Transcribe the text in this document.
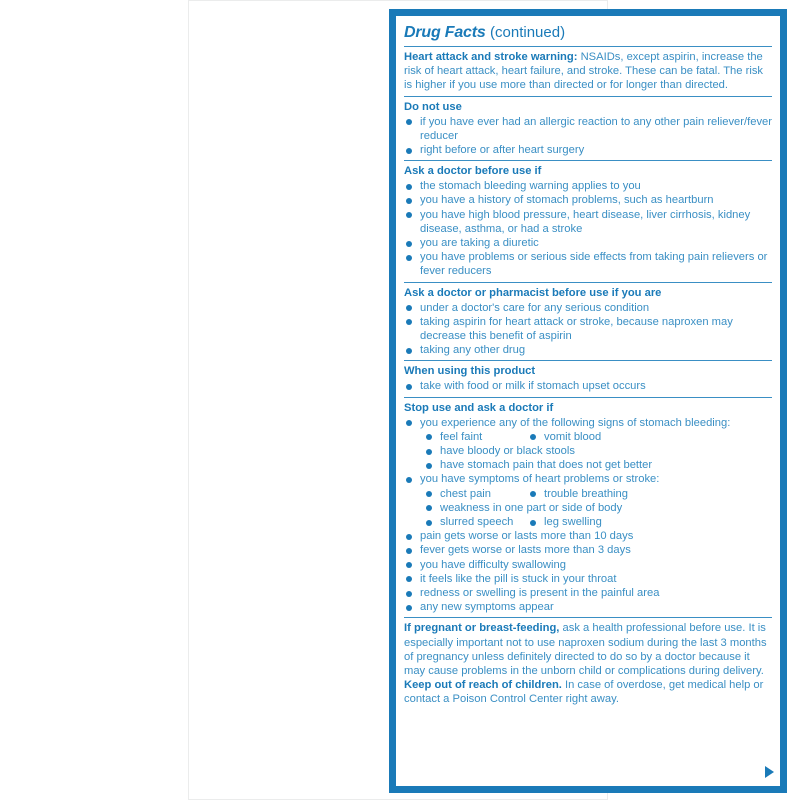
Drug Facts (continued)

Heart attack and stroke warning: NSAIDs, except aspirin, increase the risk of heart attack, heart failure, and stroke. These can be fatal. The risk is higher if you use more than directed or for longer than directed.

Do not use
if you have ever had an allergic reaction to any other pain reliever/fever reducer
right before or after heart surgery
Ask a doctor before use if
the stomach bleeding warning applies to you
you have a history of stomach problems, such as heartburn
you have high blood pressure, heart disease, liver cirrhosis, kidney disease, asthma, or had a stroke
you are taking a diuretic
you have problems or serious side effects from taking pain relievers or fever reducers
Ask a doctor or pharmacist before use if you are
under a doctor's care for any serious condition
taking aspirin for heart attack or stroke, because naproxen may decrease this benefit of aspirin
taking any other drug
When using this product
take with food or milk if stomach upset occurs
Stop use and ask a doctor if
you experience any of the following signs of stomach bleeding:
feel faint	vomit blood
have bloody or black stools
have stomach pain that does not get better
you have symptoms of heart problems or stroke:
chest pain	trouble breathing
weakness in one part or side of body
slurred speech	leg swelling
pain gets worse or lasts more than 10 days
fever gets worse or lasts more than 3 days
you have difficulty swallowing
it feels like the pill is stuck in your throat
redness or swelling is present in the painful area
any new symptoms appear

If pregnant or breast-feeding, ask a health professional before use. It is especially important not to use naproxen sodium during the last 3 months of pregnancy unless definitely directed to do so by a doctor because it may cause problems in the unborn child or complications during delivery.

Keep out of reach of children. In case of overdose, get medical help or contact a Poison Control Center right away.
